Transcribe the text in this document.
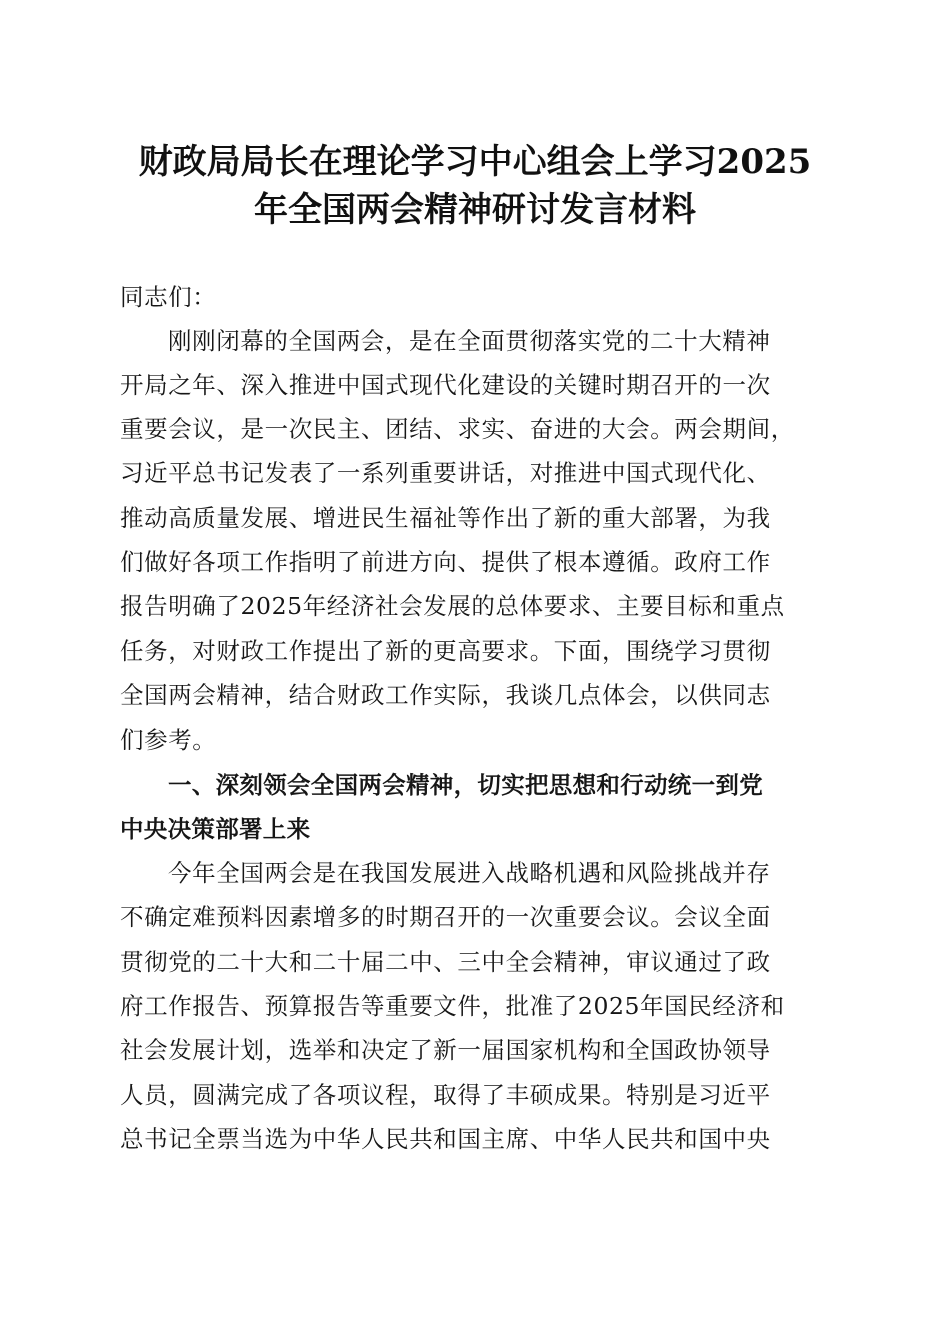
财政局局长在理论学习中心组会上学习2025
年全国两会精神研讨发言材料
同志们：
刚刚闭幕的全国两会，是在全面贯彻落实党的二十大精神
开局之年、深入推进中国式现代化建设的关键时期召开的一次
重要会议，是一次民主、团结、求实、奋进的大会。两会期间，
习近平总书记发表了一系列重要讲话，对推进中国式现代化、
推动高质量发展、增进民生福祉等作出了新的重大部署，为我
们做好各项工作指明了前进方向、提供了根本遵循。政府工作
报告明确了2025年经济社会发展的总体要求、主要目标和重点
任务，对财政工作提出了新的更高要求。下面，围绕学习贯彻
全国两会精神，结合财政工作实际，我谈几点体会，以供同志
们参考。
一、深刻领会全国两会精神，切实把思想和行动统一到党
中央决策部署上来
今年全国两会是在我国发展进入战略机遇和风险挑战并存
不确定难预料因素增多的时期召开的一次重要会议。会议全面
贯彻党的二十大和二十届二中、三中全会精神，审议通过了政
府工作报告、预算报告等重要文件，批准了2025年国民经济和
社会发展计划，选举和决定了新一届国家机构和全国政协领导
人员，圆满完成了各项议程，取得了丰硕成果。特别是习近平
总书记全票当选为中华人民共和国主席、中华人民共和国中央
